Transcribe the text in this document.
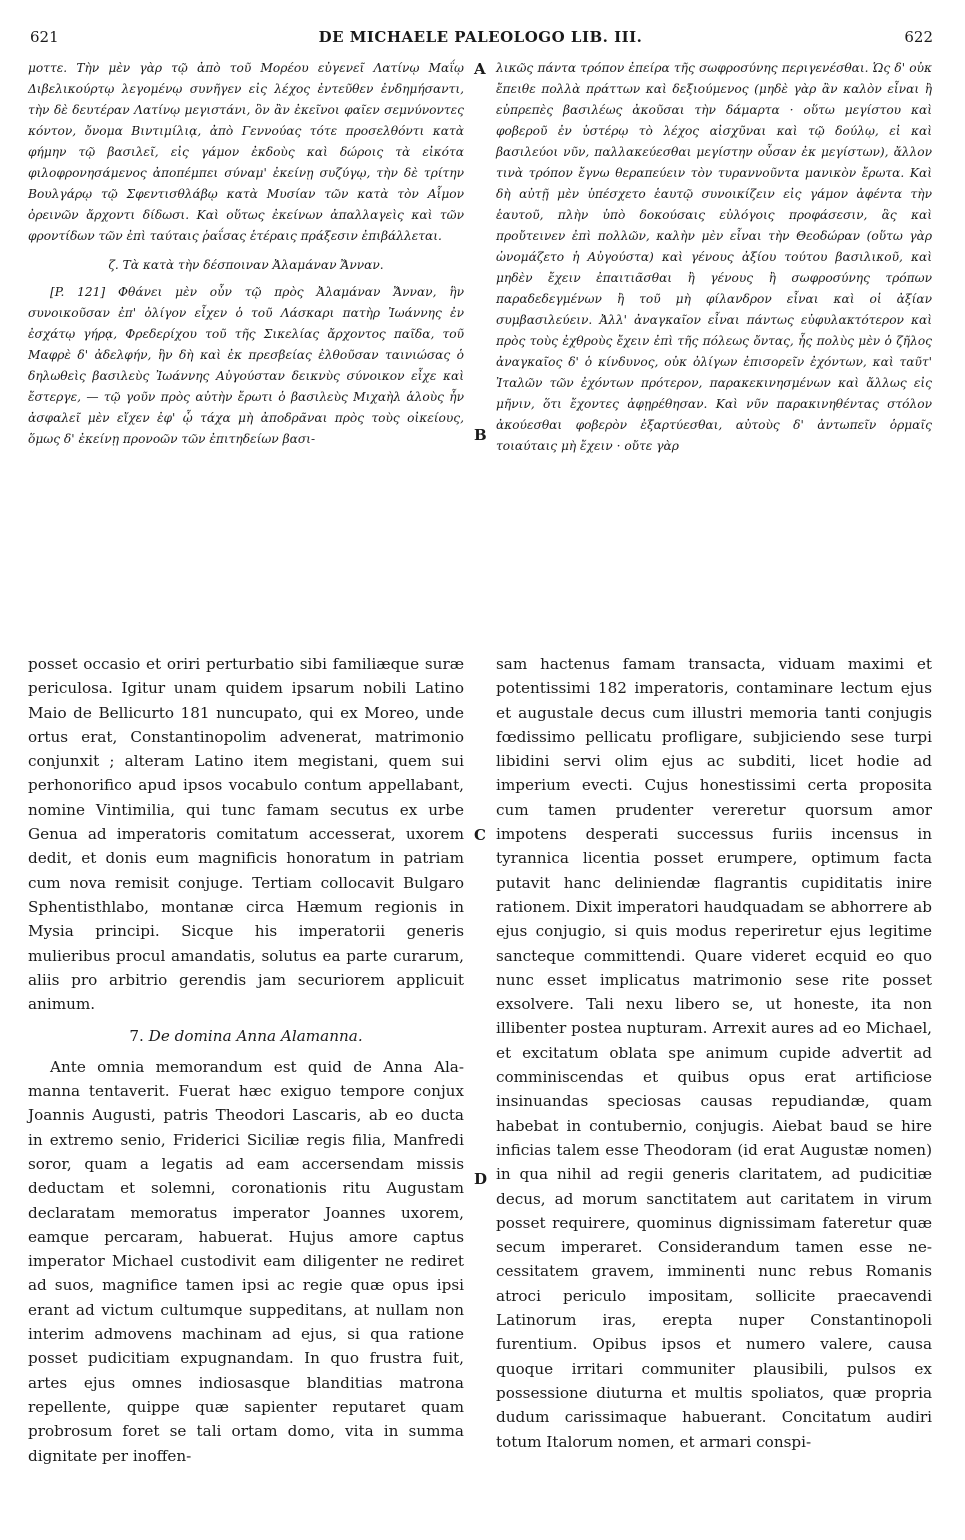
621	DE MICHAELE PALEOLOGO LIB. III.	622

μοττε. Τὴν μὲν γὰρ τῷ ἀπὸ τοῦ Μορέου εὐγενεῖ Λατίνῳ Μαΐῳ Διβελικούρτῳ λεγομένῳ συνῆγεν εἰς λέχος ἐντεῦθεν ἐνδημήσαντι, τὴν δὲ δευτέραν Λατίνῳ μεγιστάνι, ὃν ἂν ἐκεῖνοι φαῖεν σεμνύνοντες κόντον, ὄνομα Βιντιμίλιᾳ, ἀπὸ Γεννούας τότε προσελθόντι κατὰ φήμην τῷ βασιλεῖ, εἰς γάμον ἐκδοὺς καὶ δώροις τὰ εἰκότα φιλοφρονησάμενος ἀποπέμπει σύναμ' ἐκείνῃ συζύγῳ, τὴν δὲ τρίτην Βουλγάρῳ τῷ Σφεντισθλάβῳ κατὰ Μυσίαν τῶν κατὰ τὸν Αἷμον ὀρεινῶν ἄρχοντι δίδωσι. Καὶ οὕτως ἐκείνων ἀπαλλαγεὶς καὶ τῶν φροντίδων τῶν ἐπὶ ταύταις ῥαΐσας ἑτέραις πράξεσιν ἐπιβάλλεται.

ζ. Τὰ κατὰ τὴν δέσποιναν Ἀλαμάναν Ἄνναν.

[P. 121] Φθάνει μὲν οὖν τῷ πρὸς Ἀλαμάναν Ἄνναν, ἣν συνοικοῦσαν ἐπ' ὀλίγον εἶχεν ὁ τοῦ Λάσκαρι πατὴρ Ἰωάννης ἐν ἐσχάτῳ γήρᾳ, Φρεδερίχου τοῦ τῆς Σικελίας ἄρχοντος παῖδα, τοῦ Μαφρὲ δ' ἀδελφήν, ἣν δὴ καὶ ἐκ πρεσβείας ἐλθοῦσαν ταινιώσας ὁ δηλωθεὶς βασιλεὺς Ἰωάννης Αὐγούσταν δεικνὺς σύνοικον εἶχε καὶ ἔστεργε, — τῷ γοῦν πρὸς αὐτὴν ἔρωτι ὁ βασιλεὺς Μιχαὴλ ἁλοὺς ἦν ἀσφαλεῖ μὲν εἴχεν ἐφ' ᾧ τάχα μὴ ἀποδρᾶναι πρὸς τοὺς οἰκείους, ὅμως δ' ἐκείνῃ προνοῶν τῶν ἐπιτηδείων βασι-

λικῶς πάντα τρόπον ἐπείρα τῆς σωφροσύνης περιγενέσθαι. Ὡς δ' οὐκ ἔπειθε πολλὰ πράττων καὶ δεξιούμενος (μηδὲ γὰρ ἂν καλὸν εἶναι ἢ εὐπρεπὲς βασιλέως ἀκοῦσαι τὴν δάμαρτα · οὕτω μεγίστου καὶ φοβεροῦ ἐν ὑστέρῳ τὸ λέχος αἰσχῦναι καὶ τῷ δούλῳ, εἰ καὶ βασιλεύοι νῦν, παλλακεύεσθαι μεγίστην οὖσαν ἐκ μεγίστων), ἄλλον τινὰ τρόπον ἔγνω θεραπεύειν τὸν τυραννοῦντα μανικὸν ἔρωτα. Καὶ δὴ αὐτῇ μὲν ὑπέσχετο ἑαυτῷ συνοικίζειν εἰς γάμον ἀφέντα τὴν ἑαυτοῦ, πλὴν ὑπὸ δοκούσαις εὐλόγοις προφάσεσιν, ἃς καὶ προὔτεινεν ἐπὶ πολλῶν, καλὴν μὲν εἶναι τὴν Θεοδώραν (οὕτω γὰρ ὠνομάζετο ἡ Αὐγούστα) καὶ γένους ἀξίου τούτου βασιλικοῦ, καὶ μηδὲν ἔχειν ἐπαιτιᾶσθαι ἢ γένους ἢ σωφροσύνης τρόπων παραδεδεγμένων ἢ τοῦ μὴ φίλανδρον εἶναι καὶ οἱ ἀξίαν συμβασιλεύειν. Ἀλλ' ἀναγκαῖον εἶναι πάντως εὐφυλακτότερον καὶ πρὸς τοὺς ἐχθροὺς ἔχειν ἐπὶ τῆς πόλεως ὄντας, ἧς πολὺς μὲν ὁ ζῆλος ἀναγκαῖος δ' ὁ κίνδυνος, οὐκ ὀλίγων ἐπισορεῖν ἐχόντων, καὶ ταῦτ' Ἰταλῶν τῶν ἐχόντων πρότερον, παρακεκινησμένων καὶ ἄλλως εἰς μῆνιν, ὅτι ἔχοντες ἀφῃρέθησαν. Καὶ νῦν παρακινηθέντας στόλον ἀκούεσθαι φοβερὸν ἐξαρτύεσθαι, αὐτοὺς δ' ἀντωπεῖν ὁρμαῖς τοιαύταις μὴ ἔχειν · οὔτε γὰρ

A
B
C
D

posset occasio et oriri perturbatio sibi familiæque suræ periculosa. Igitur unam quidem ipsarum nobili Latino Maio de Bellicurto 181 nuncupato, qui ex Moreo, unde ortus erat, Constantinopolim advenerat, matrimonio conjunxit ; alteram Latino item megistani, quem sui perhonorifico apud ipsos vocabulo contum appellabant, nomine Vintimilia, qui tunc famam secutus ex urbe Genua ad imperatoris comitatum accesserat, uxorem dedit, et donis eum magnificis honoratum in patriam cum nova remisit conjuge. Tertiam collocavit Bulgaro Sphentisthlabo, montanæ circa Hæmum regionis in Mysia principi. Sicque his imperatorii generis mulieribus procul amandatis, solutus ea parte curarum, aliis pro arbitrio gerendis jam securiorem applicuit animum.

7. De domina Anna Alamanna.

Ante omnia memorandum est quid de Anna Alamanna tentaverit. Fuerat hæc exiguo tempore conjux Joannis Augusti, patris Theodori Lascaris, ab eo ducta in extremo senio, Friderici Siciliæ regis filia, Manfredi soror, quam a legatis ad eam accersendam missis deductam et solemni, coronationis ritu Augustam declaratam memoratus imperator Joannes uxorem, eamque percaram, habuerat. Hujus amore captus imperator Michael custodivit eam diligenter ne rediret ad suos, magnifice tamen ipsi ac regie quæ opus ipsi erant ad victum cultumque suppeditans, at nullam non interim admovens machinam ad ejus, si qua ratione posset pudicitiam expugnandam. In quo frustra fuit, artes ejus omnes indiosasque blanditias matrona repellente, quippe quæ sapienter reputaret quam probrosum foret se tali ortam domo, vita in summa dignitate per inoffen-

sam hactenus famam transacta, viduam maximi et potentissimi 182 imperatoris, contaminare lectum ejus et augustale decus cum illustri memoria tanti conjugis fœdissimo pellicatu profligare, subjiciendo sese turpi libidini servi olim ejus ac subditi, licet hodie ad imperium evecti. Cujus honestissimi certa proposita cum tamen prudenter vereretur quorsum amor impotens desperati successus furiis incensus in tyrannica licentia posset erumpere, optimum facta putavit hanc deliniendæ flagrantis cupiditatis inire rationem. Dixit imperatori haudquadam se abhorrere ab ejus conjugio, si quis modus reperiretur ejus legitime sancteque committendi. Quare videret ecquid eo quo nunc esset implicatus matrimonio sese rite posset exsolvere. Tali nexu libero se, ut honeste, ita non illibenter postea nupturam. Arrexit aures ad eo Michael, et excitatum oblata spe animum cupide advertit ad comminiscendas et quibus opus erat artificiose insinuandas speciosas causas repudiandæ, quam habebat in contubernio, conjugis. Aiebat baud se hire inficias talem esse Theodoram (id erat Augustæ nomen) in qua nihil ad regii generis claritatem, ad pudicitiæ decus, ad morum sanctitatem aut caritatem in virum posset requirere, quominus dignissimam fateretur quæ secum imperaret. Considerandum tamen esse necessitatem gravem, imminenti nunc rebus Romanis atroci periculo impositam, sollicite praecavendi Latinorum iras, erepta nuper Constantinopoli furentium. Opibus ipsos et numero valere, causa quoque irritari communiter plausibili, pulsos ex possessione diuturna et multis spoliatos, quæ propria dudum carissimaque habuerant. Concitatum audiri totum Italorum nomen, et armari conspi-
